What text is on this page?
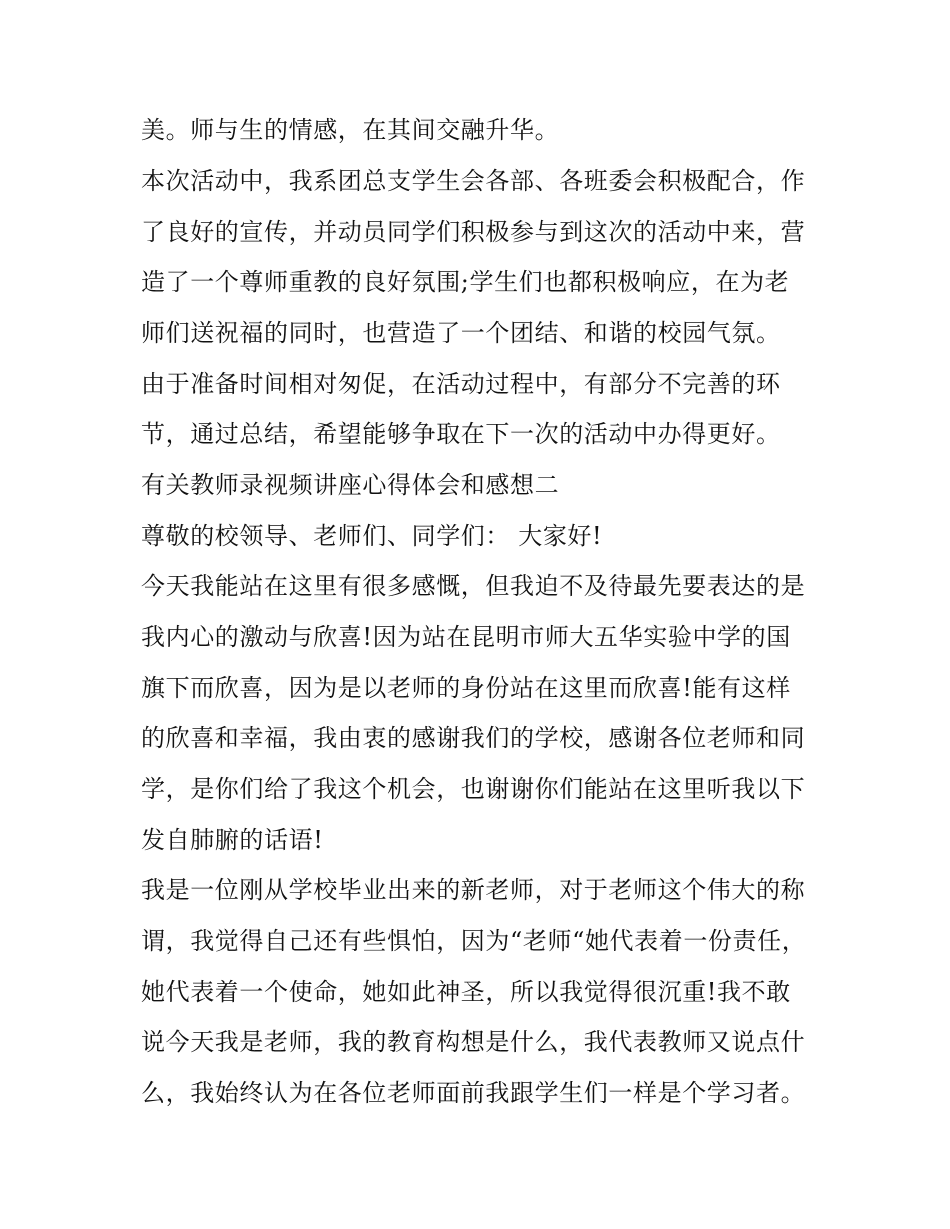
美。师与生的情感，在其间交融升华。
本次活动中，我系团总支学生会各部、各班委会积极配合，作
了良好的宣传，并动员同学们积极参与到这次的活动中来，营
造了一个尊师重教的良好氛围;学生们也都积极响应，在为老
师们送祝福的同时，也营造了一个团结、和谐的校园气氛。
由于准备时间相对匆促，在活动过程中，有部分不完善的环
节，通过总结，希望能够争取在下一次的活动中办得更好。
有关教师录视频讲座心得体会和感想二
尊敬的校领导、老师们、同学们： 大家好!
今天我能站在这里有很多感慨，但我迫不及待最先要表达的是
我内心的激动与欣喜!因为站在昆明市师大五华实验中学的国
旗下而欣喜，因为是以老师的身份站在这里而欣喜!能有这样
的欣喜和幸福，我由衷的感谢我们的学校，感谢各位老师和同
学，是你们给了我这个机会，也谢谢你们能站在这里听我以下
发自肺腑的话语!
我是一位刚从学校毕业出来的新老师，对于老师这个伟大的称
谓，我觉得自己还有些惧怕，因为“老师“她代表着一份责任，
她代表着一个使命，她如此神圣，所以我觉得很沉重!我不敢
说今天我是老师，我的教育构想是什么，我代表教师又说点什
么，我始终认为在各位老师面前我跟学生们一样是个学习者。
